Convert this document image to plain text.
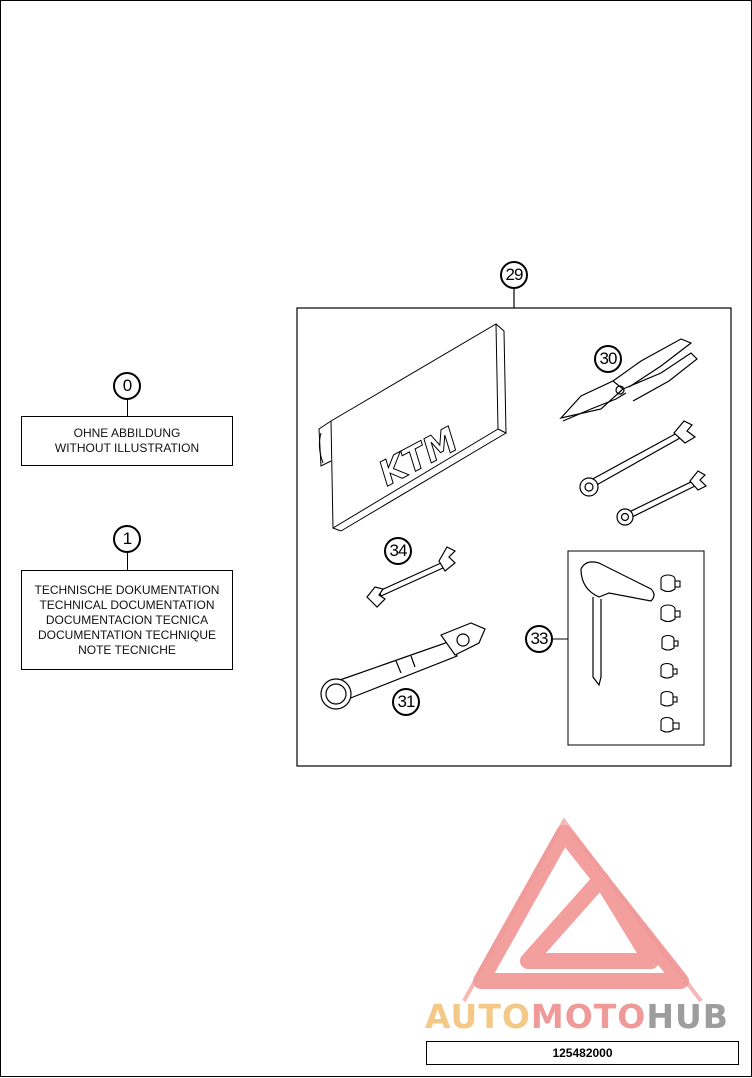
KTM
0
1
29
30
34
33
31
OHNE ABBILDUNG
WITHOUT ILLUSTRATION
TECHNISCHE DOKUMENTATION
TECHNICAL DOCUMENTATION
DOCUMENTACION TECNICA
DOCUMENTATION TECHNIQUE
NOTE TECNICHE
AUTOMOTOHUB
125482000
